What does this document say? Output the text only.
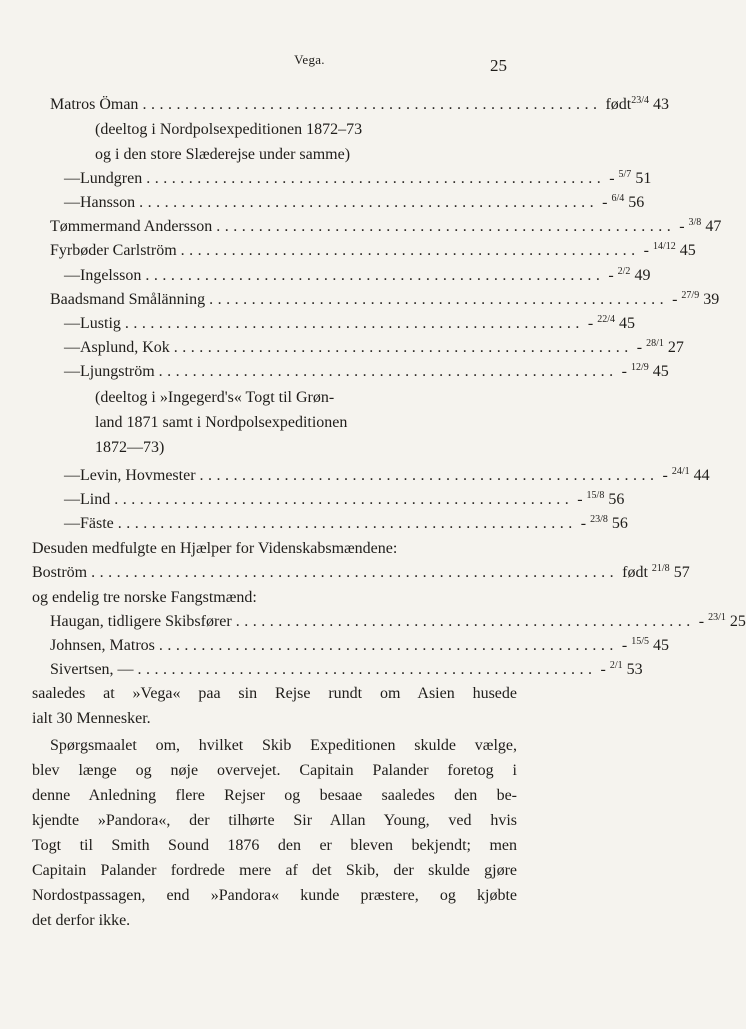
Vega.	25
Matros Öman ...................................................... født$^{23/4}$ 43
(deeltog i Nordpolsexpeditionen 1872–73
og i den store Slæderejse under samme)
— Lundgren ...................................................... - $^{5/7}$ 51
— Hansson ...................................................... - $^{6/4}$ 56
Tømmermand Andersson ...................................................... - $^{3/8}$ 47
Fyrbøder Carlström ...................................................... - $^{14/12}$ 45
— Ingelsson ...................................................... - $^{2/2}$ 49
Baadsmand Smålänning ...................................................... - $^{27/9}$ 39
— Lustig ...................................................... - $^{22/4}$ 45
— Asplund, Kok ...................................................... - $^{28/1}$ 27
— Ljungström ...................................................... - $^{12/9}$ 45
(deeltog i »Ingegerd's« Togt til Grøn-
land 1871 samt i Nordpolsexpeditionen
1872—73)
— Levin, Hovmester ...................................................... - $^{24/1}$ 44
— Lind ...................................................... - $^{15/8}$ 56
— Fäste ...................................................... - $^{23/8}$ 56
Desuden medfulgte en Hjælper for Videnskabsmændene:
Boström .............................................................. født $^{21/8}$ 57
og endelig tre norske Fangstmænd:
Haugan, tidligere Skibsfører ...................................................... - $^{23/1}$ 25
Johnsen, Matros ...................................................... - $^{15/5}$ 45
Sivertsen, — ...................................................... - $^{2/1}$ 53
saaledes at »Vega« paa sin Rejse rundt om Asien husede
ialt 30 Mennesker.
Spørgsmaalet om, hvilket Skib Expeditionen skulde vælge,
blev længe og nøje overvejet. Capitain Palander foretog i
denne Anledning flere Rejser og besaae saaledes den be-
kjendte »Pandora«, der tilhørte Sir Allan Young, ved hvis
Togt til Smith Sound 1876 den er bleven bekjendt; men
Capitain Palander fordrede mere af det Skib, der skulde gjøre
Nordostpassagen, end »Pandora« kunde præstere, og kjøbte
det derfor ikke.
